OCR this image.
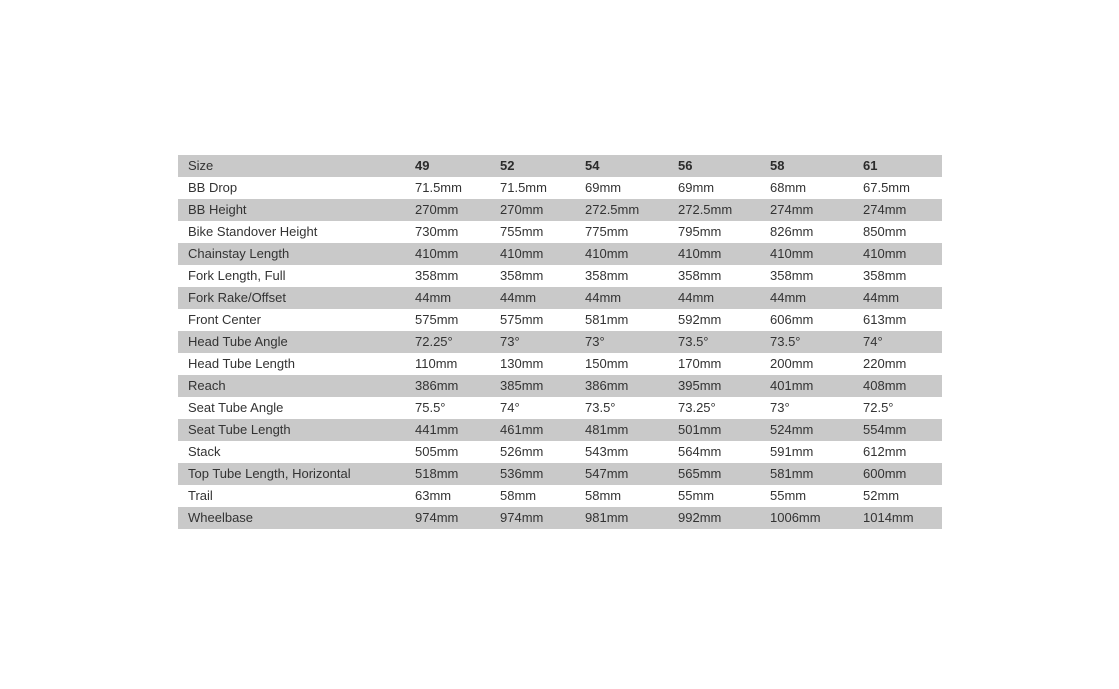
Size	49	52	54	56	58	61
BB Drop	71.5mm	71.5mm	69mm	69mm	68mm	67.5mm
BB Height	270mm	270mm	272.5mm	272.5mm	274mm	274mm
Bike Standover Height	730mm	755mm	775mm	795mm	826mm	850mm
Chainstay Length	410mm	410mm	410mm	410mm	410mm	410mm
Fork Length, Full	358mm	358mm	358mm	358mm	358mm	358mm
Fork Rake/Offset	44mm	44mm	44mm	44mm	44mm	44mm
Front Center	575mm	575mm	581mm	592mm	606mm	613mm
Head Tube Angle	72.25°	73°	73°	73.5°	73.5°	74°
Head Tube Length	110mm	130mm	150mm	170mm	200mm	220mm
Reach	386mm	385mm	386mm	395mm	401mm	408mm
Seat Tube Angle	75.5°	74°	73.5°	73.25°	73°	72.5°
Seat Tube Length	441mm	461mm	481mm	501mm	524mm	554mm
Stack	505mm	526mm	543mm	564mm	591mm	612mm
Top Tube Length, Horizontal	518mm	536mm	547mm	565mm	581mm	600mm
Trail	63mm	58mm	58mm	55mm	55mm	52mm
Wheelbase	974mm	974mm	981mm	992mm	1006mm	1014mm
